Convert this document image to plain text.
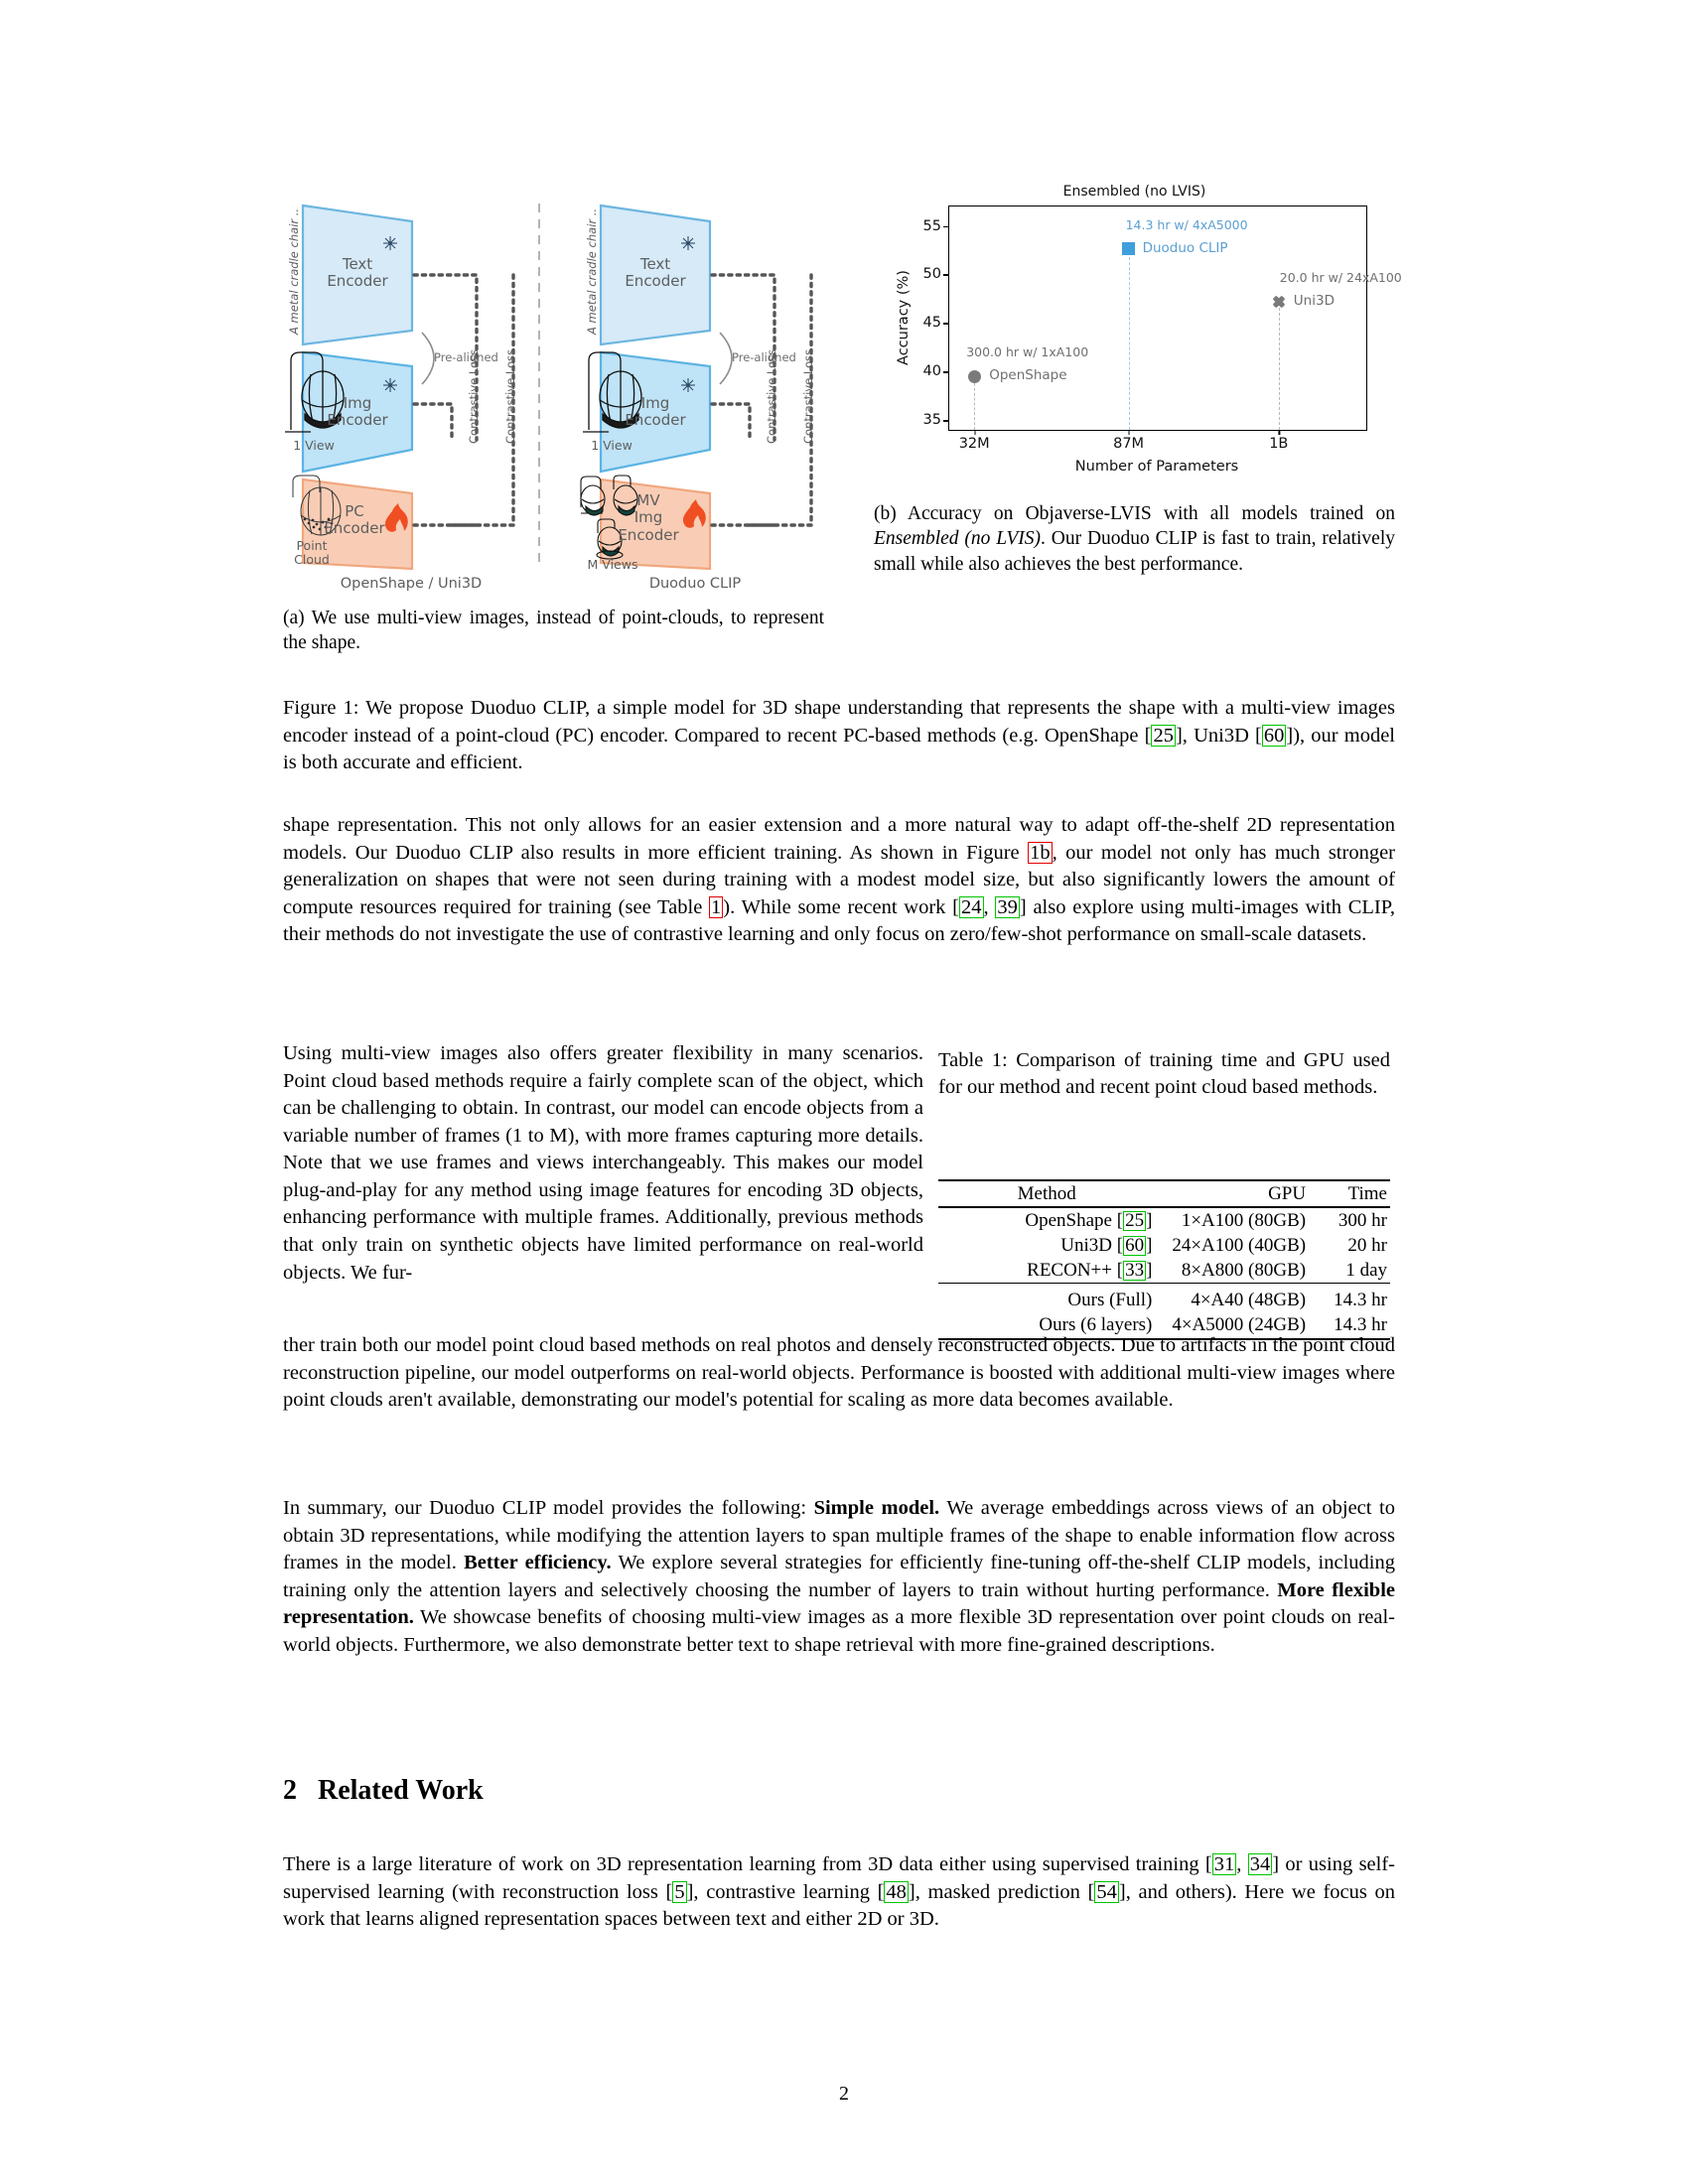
Text
Encoder
Img
Encoder
PC
Encoder
Text
Encoder
Img
Encoder
MV
Img
Encoder
Pre-aligned	Pre-aligned
Contrastive Loss Contrastive Loss	Contrastive Loss Contrastive Loss
A metal cradle chair ..	A metal cradle chair ..
1 View
Point
Cloud
1 View
M Views
OpenShape / Uni3D	Duoduo CLIP
(a) We use multi-view images, instead of point-clouds, to represent the shape.
Ensembled (no LVIS)
Accuracy (%)
55
50
45
40
35
32M	87M	1B
14.3 hr w/ 4xA5000
Duoduo CLIP
20.0 hr w/ 24xA100
Uni3D
300.0 hr w/ 1xA100
OpenShape
Number of Parameters
(b) Accuracy on Objaverse-LVIS with all models trained on Ensembled (no LVIS). Our Duoduo CLIP is fast to train, relatively small while also achieves the best performance.
Figure 1: We propose Duoduo CLIP, a simple model for 3D shape understanding that represents the shape with a multi-view images encoder instead of a point-cloud (PC) encoder. Compared to recent PC-based methods (e.g. OpenShape [25], Uni3D [60]), our model is both accurate and efficient.
shape representation. This not only allows for an easier extension and a more natural way to adapt off-the-shelf 2D representation models. Our Duoduo CLIP also results in more efficient training. As shown in Figure 1b, our model not only has much stronger generalization on shapes that were not seen during training with a modest model size, but also significantly lowers the amount of compute resources required for training (see Table 1). While some recent work [24, 39] also explore using multi-images with CLIP, their methods do not investigate the use of contrastive learning and only focus on zero/few-shot performance on small-scale datasets.
Using multi-view images also offers greater flexibility in many scenarios. Point cloud based methods require a fairly complete scan of the object, which can be challenging to obtain. In contrast, our model can encode objects from a variable number of frames (1 to M), with more frames capturing more details. Note that we use frames and views interchangeably. This makes our model plug-and-play for any method using image features for encoding 3D objects, enhancing performance with multiple frames. Additionally, previous methods that only train on synthetic objects have limited performance on real-world objects. We fur-
ther train both our model point cloud based methods on real photos and densely reconstructed objects. Due to artifacts in the point cloud reconstruction pipeline, our model outperforms on real-world objects. Performance is boosted with additional multi-view images where point clouds aren't available, demonstrating our model's potential for scaling as more data becomes available.
Table 1: Comparison of training time and GPU used for our method and recent point cloud based methods.
Method	GPU	Time
OpenShape [ 25 ]	1×A100 (80GB)	300 hr
Uni3D [ 60 ]	24×A100 (40GB)	20 hr
RECON++ [ 33 ]	8×A800 (80GB)	1 day
Ours (Full)	4×A40 (48GB)	14.3 hr
Ours (6 layers)	4×A5000 (24GB)	14.3 hr

In summary, our Duoduo CLIP model provides the following: Simple model. We average embeddings across views of an object to obtain 3D representations, while modifying the attention layers to span multiple frames of the shape to enable information flow across frames in the model. Better efficiency. We explore several strategies for efficiently fine-tuning off-the-shelf CLIP models, including training only the attention layers and selectively choosing the number of layers to train without hurting performance. More flexible representation. We showcase benefits of choosing multi-view images as a more flexible 3D representation over point clouds on real-world objects. Furthermore, we also demonstrate better text to shape retrieval with more fine-grained descriptions.
2 Related Work
There is a large literature of work on 3D representation learning from 3D data either using supervised training [31, 34] or using self-supervised learning (with reconstruction loss [5], contrastive learning [48], masked prediction [54], and others). Here we focus on work that learns aligned representation spaces between text and either 2D or 3D.
2
